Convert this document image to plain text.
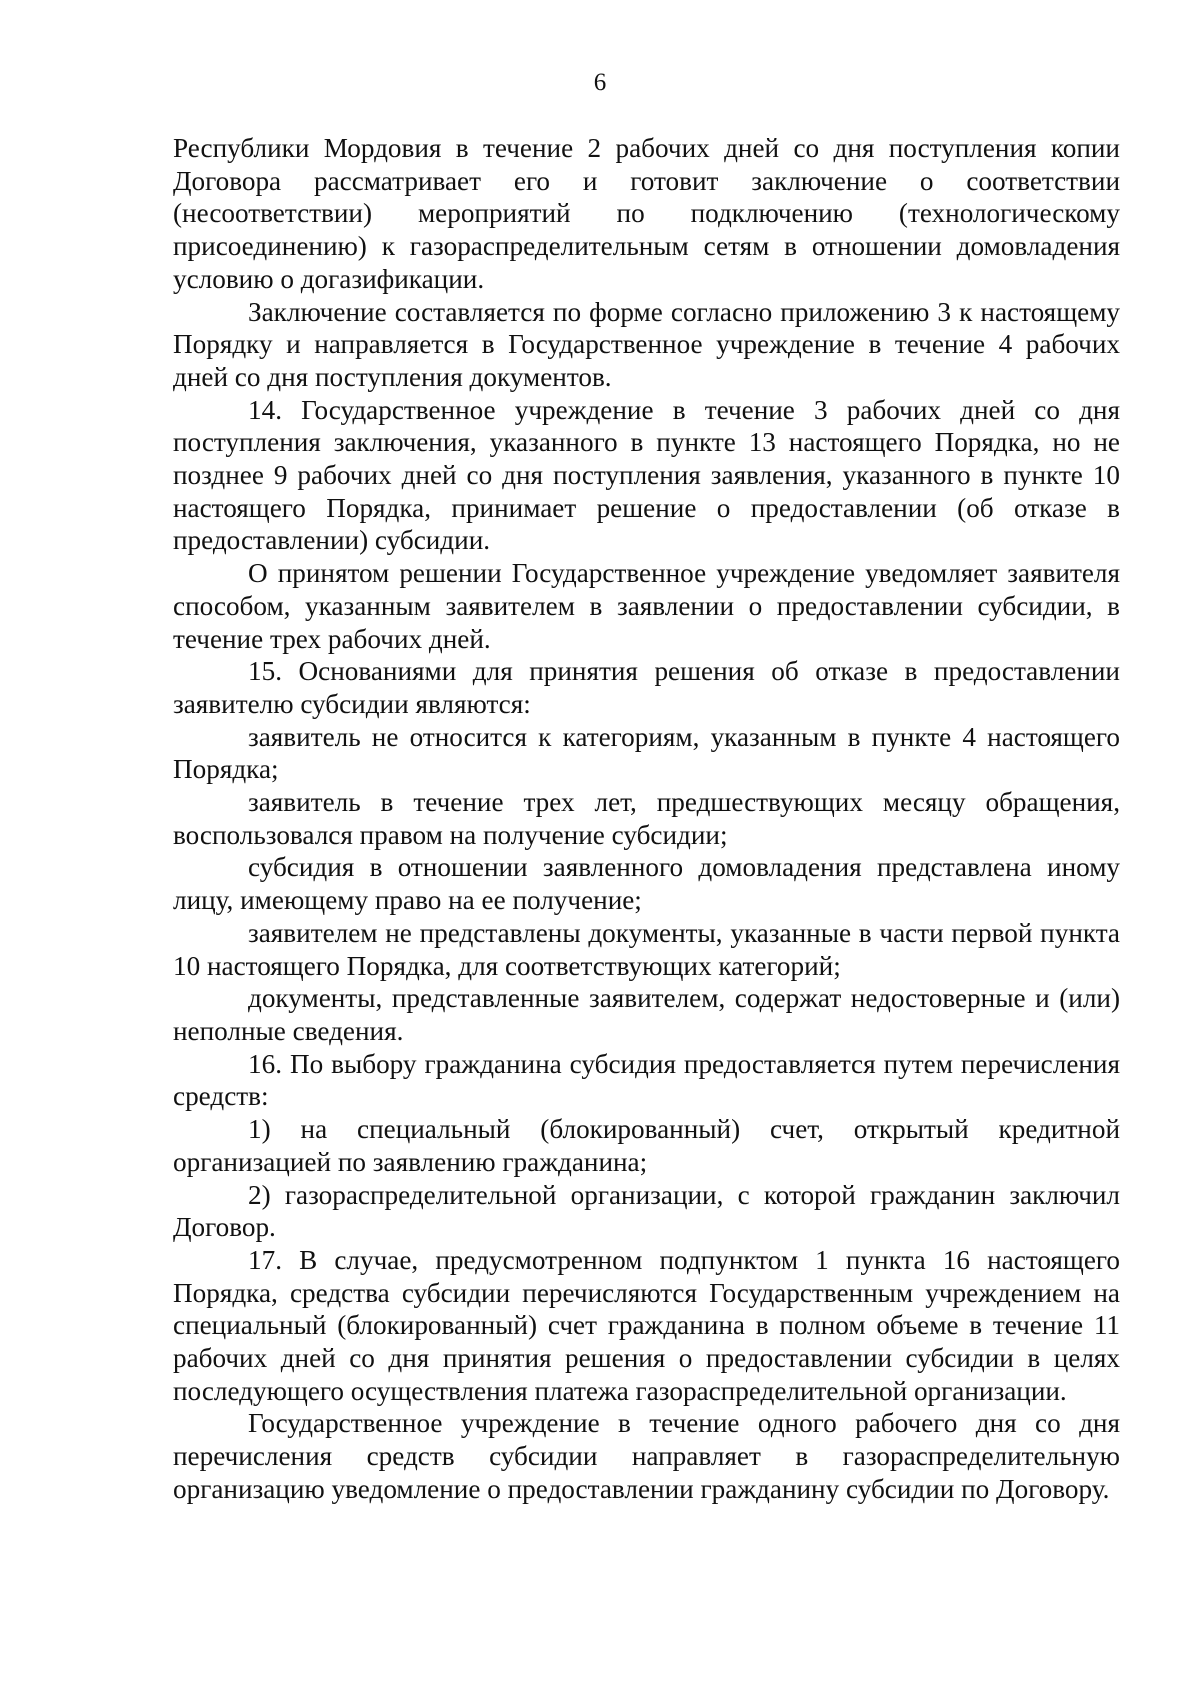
6

Республики Мордовия в течение 2 рабочих дней со дня поступления копии Договора рассматривает его и готовит заключение о соответствии (несоответствии) мероприятий по подключению (технологическому присоединению) к газораспределительным сетям в отношении домовладения условию о догазификации.

Заключение составляется по форме согласно приложению 3 к настоящему Порядку и направляется в Государственное учреждение в течение 4 рабочих дней со дня поступления документов.

14. Государственное учреждение в течение 3 рабочих дней со дня поступления заключения, указанного в пункте 13 настоящего Порядка, но не позднее 9 рабочих дней со дня поступления заявления, указанного в пункте 10 настоящего Порядка, принимает решение о предоставлении (об отказе в предоставлении) субсидии.

О принятом решении Государственное учреждение уведомляет заявителя способом, указанным заявителем в заявлении о предоставлении субсидии, в течение трех рабочих дней.

15. Основаниями для принятия решения об отказе в предоставлении заявителю субсидии являются:

заявитель не относится к категориям, указанным в пункте 4 настоящего Порядка;

заявитель в течение трех лет, предшествующих месяцу обращения, воспользовался правом на получение субсидии;

субсидия в отношении заявленного домовладения представлена иному лицу, имеющему право на ее получение;

заявителем не представлены документы, указанные в части первой пункта 10 настоящего Порядка, для соответствующих категорий;

документы, представленные заявителем, содержат недостоверные и (или) неполные сведения.

16. По выбору гражданина субсидия предоставляется путем перечисления средств:

1) на специальный (блокированный) счет, открытый кредитной организацией по заявлению гражданина;

2) газораспределительной организации, с которой гражданин заключил Договор.

17. В случае, предусмотренном подпунктом 1 пункта 16 настоящего Порядка, средства субсидии перечисляются Государственным учреждением на специальный (блокированный) счет гражданина в полном объеме в течение 11 рабочих дней со дня принятия решения о предоставлении субсидии в целях последующего осуществления платежа газораспределительной организации.

Государственное учреждение в течение одного рабочего дня со дня перечисления средств субсидии направляет в газораспределительную организацию уведомление о предоставлении гражданину субсидии по Договору.
